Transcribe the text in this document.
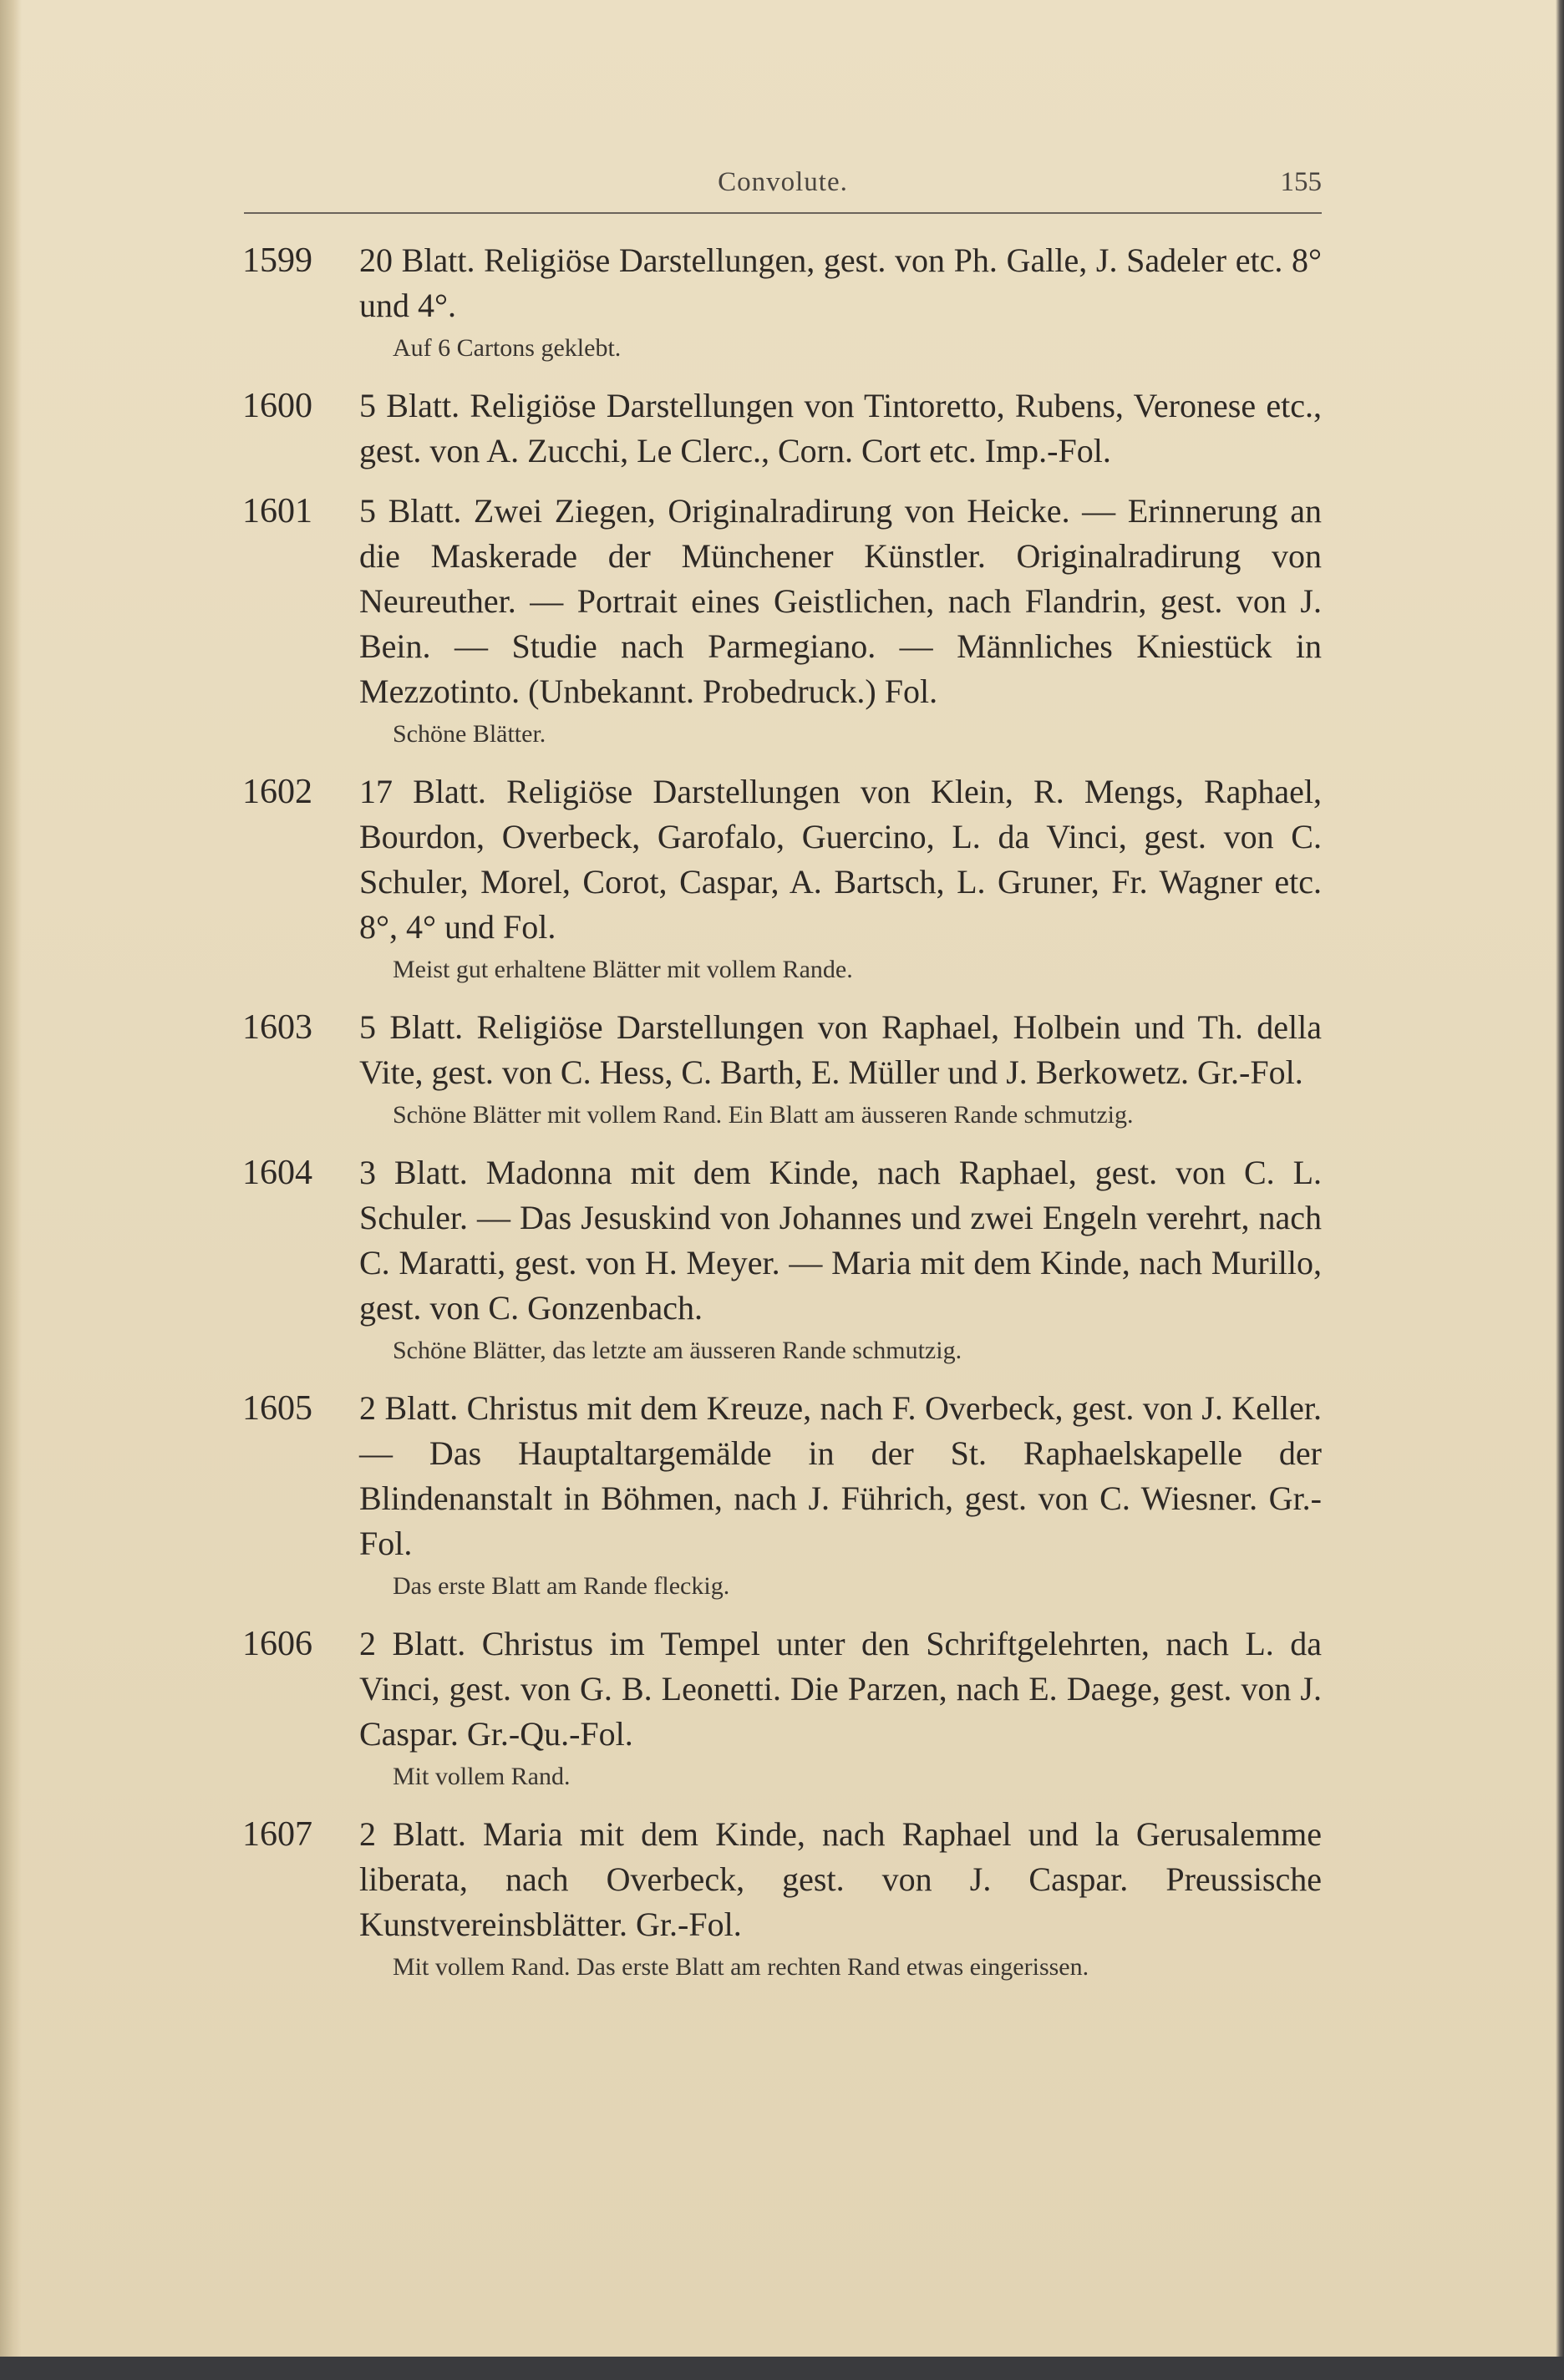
Convolute.	155
1599	20 Blatt. Religiöse Darstellungen, gest. von Ph. Galle, J. Sadeler etc. 8° und 4°.
Auf 6 Cartons geklebt.
1600	5 Blatt. Religiöse Darstellungen von Tintoretto, Rubens, Veronese etc., gest. von A. Zucchi, Le Clerc., Corn. Cort etc. Imp.-Fol.
1601	5 Blatt. Zwei Ziegen, Originalradirung von Heicke. — Erinnerung an die Maskerade der Münchener Künstler. Originalradirung von Neureuther. — Portrait eines Geistlichen, nach Flandrin, gest. von J. Bein. — Studie nach Parmegiano. — Männliches Kniestück in Mezzotinto. (Unbekannt. Probedruck.) Fol.
Schöne Blätter.
1602	17 Blatt. Religiöse Darstellungen von Klein, R. Mengs, Raphael, Bourdon, Overbeck, Garofalo, Guercino, L. da Vinci, gest. von C. Schuler, Morel, Corot, Caspar, A. Bartsch, L. Gruner, Fr. Wagner etc. 8°, 4° und Fol.
Meist gut erhaltene Blätter mit vollem Rande.
1603	5 Blatt. Religiöse Darstellungen von Raphael, Holbein und Th. della Vite, gest. von C. Hess, C. Barth, E. Müller und J. Berkowetz. Gr.-Fol.
Schöne Blätter mit vollem Rand. Ein Blatt am äusseren Rande schmutzig.
1604	3 Blatt. Madonna mit dem Kinde, nach Raphael, gest. von C. L. Schuler. — Das Jesuskind von Johannes und zwei Engeln verehrt, nach C. Maratti, gest. von H. Meyer. — Maria mit dem Kinde, nach Murillo, gest. von C. Gonzenbach.
Schöne Blätter, das letzte am äusseren Rande schmutzig.
1605	2 Blatt. Christus mit dem Kreuze, nach F. Overbeck, gest. von J. Keller. — Das Hauptaltargemälde in der St. Raphaelskapelle der Blindenanstalt in Böhmen, nach J. Führich, gest. von C. Wiesner. Gr.-Fol.
Das erste Blatt am Rande fleckig.
1606	2 Blatt. Christus im Tempel unter den Schriftgelehrten, nach L. da Vinci, gest. von G. B. Leonetti. Die Parzen, nach E. Daege, gest. von J. Caspar. Gr.-Qu.-Fol.
Mit vollem Rand.
1607	2 Blatt. Maria mit dem Kinde, nach Raphael und la Gerusalemme liberata, nach Overbeck, gest. von J. Caspar. Preussische Kunstvereinsblätter. Gr.-Fol.
Mit vollem Rand. Das erste Blatt am rechten Rand etwas eingerissen.
